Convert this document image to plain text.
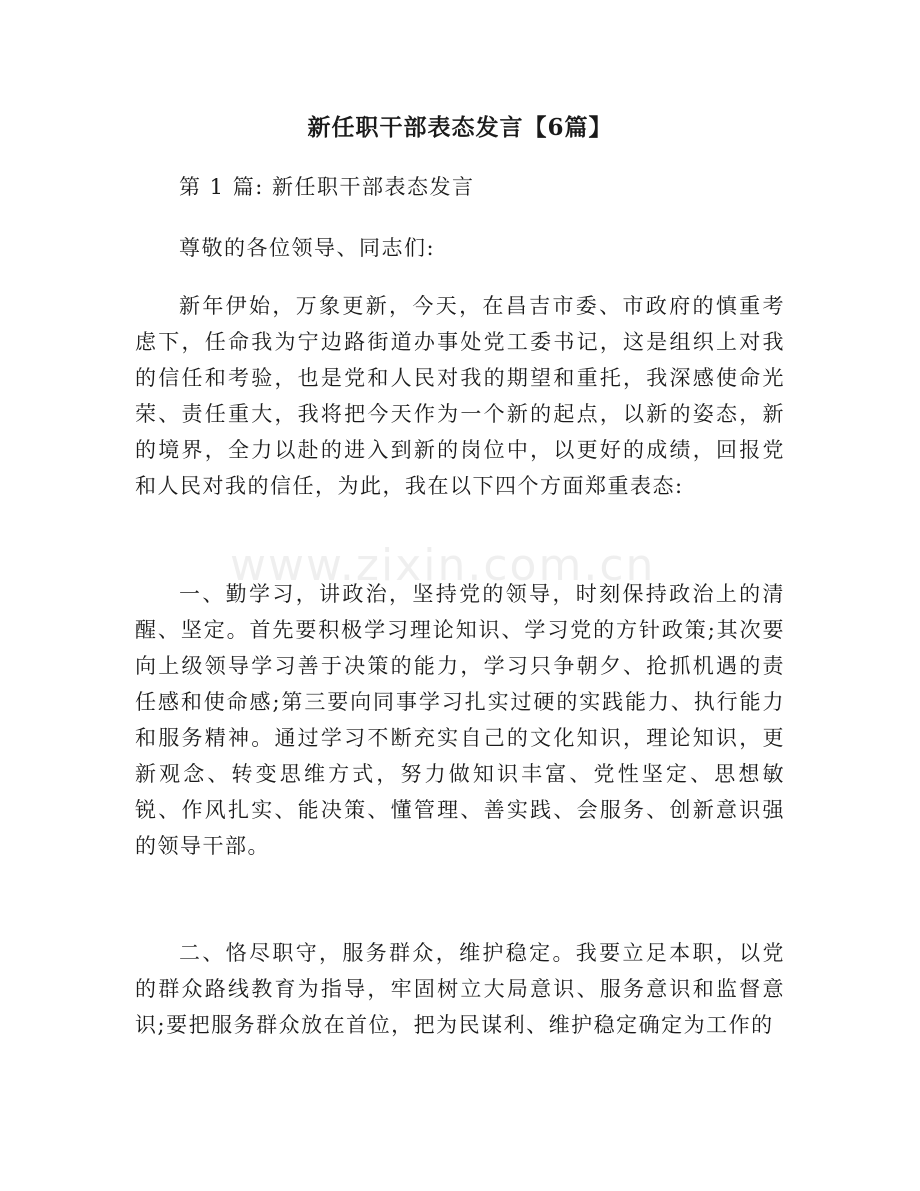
www.zixin.com.cn
新任职干部表态发言【6篇】

第 1 篇: 新任职干部表态发言

尊敬的各位领导、同志们:

新年伊始，万象更新，今天，在昌吉市委、市政府的慎重考虑下，任命我为宁边路街道办事处党工委书记，这是组织上对我的信任和考验，也是党和人民对我的期望和重托，我深感使命光荣、责任重大，我将把今天作为一个新的起点，以新的姿态，新的境界，全力以赴的进入到新的岗位中，以更好的成绩，回报党和人民对我的信任，为此，我在以下四个方面郑重表态:

一、勤学习，讲政治，坚持党的领导，时刻保持政治上的清醒、坚定。首先要积极学习理论知识、学习党的方针政策;其次要向上级领导学习善于决策的能力，学习只争朝夕、抢抓机遇的责任感和使命感;第三要向同事学习扎实过硬的实践能力、执行能力和服务精神。通过学习不断充实自己的文化知识，理论知识，更新观念、转变思维方式，努力做知识丰富、党性坚定、思想敏锐、作风扎实、能决策、懂管理、善实践、会服务、创新意识强的领导干部。

二、恪尽职守，服务群众，维护稳定。我要立足本职，以党的群众路线教育为指导，牢固树立大局意识、服务意识和监督意识;要把服务群众放在首位，把为民谋利、维护稳定确定为工作的
